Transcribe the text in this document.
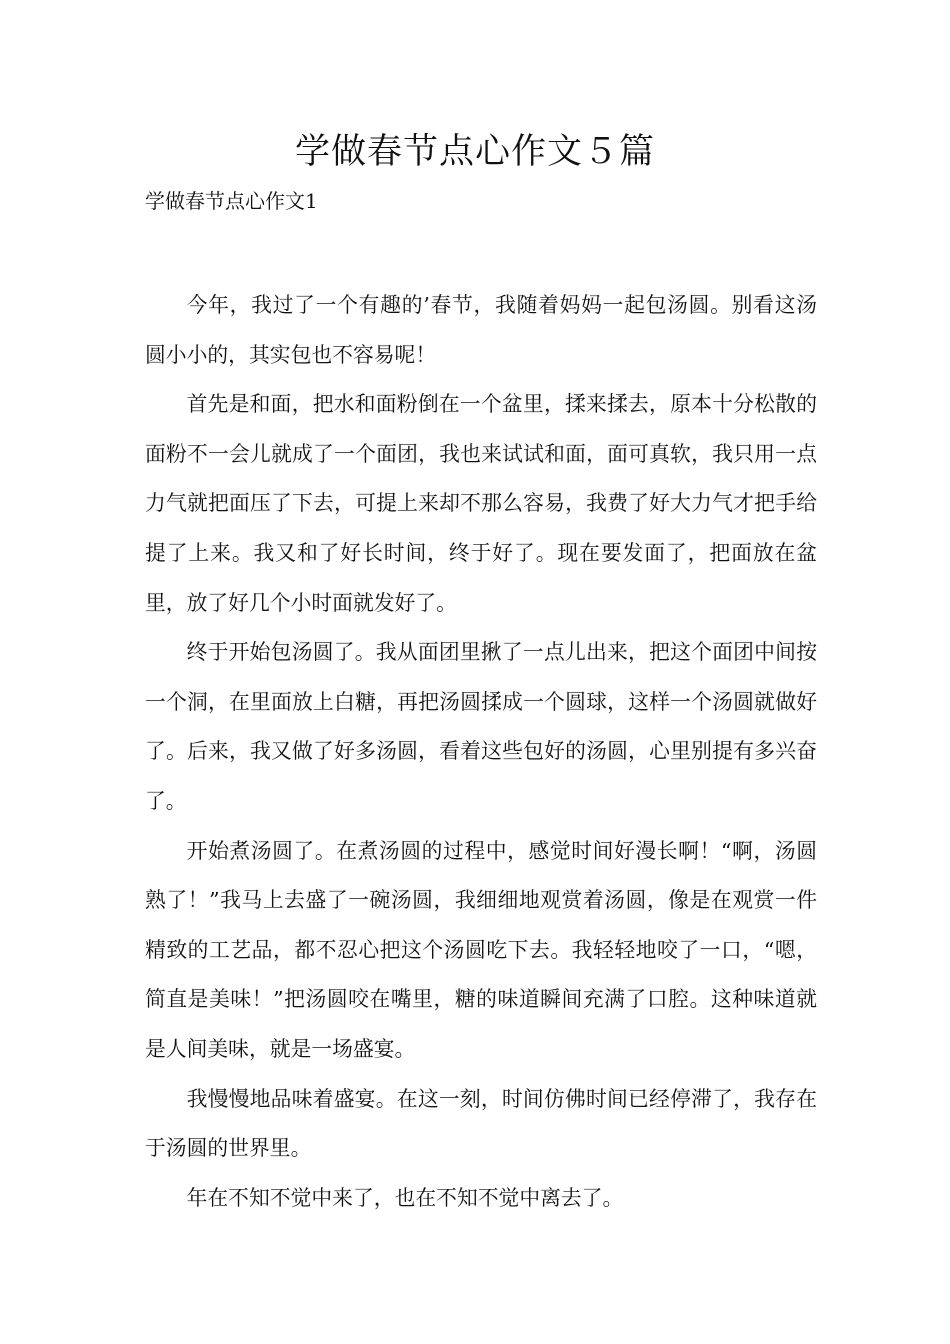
学做春节点心作文５篇
学做春节点心作文1

今年，我过了一个有趣的’春节，我随着妈妈一起包汤圆。别看这汤圆小小的，其实包也不容易呢！

首先是和面，把水和面粉倒在一个盆里，揉来揉去，原本十分松散的面粉不一会儿就成了一个面团，我也来试试和面，面可真软，我只用一点力气就把面压了下去，可提上来却不那么容易，我费了好大力气才把手给提了上来。我又和了好长时间，终于好了。现在要发面了，把面放在盆里，放了好几个小时面就发好了。

终于开始包汤圆了。我从面团里揪了一点儿出来，把这个面团中间按一个洞，在里面放上白糖，再把汤圆揉成一个圆球，这样一个汤圆就做好了。后来，我又做了好多汤圆，看着这些包好的汤圆，心里别提有多兴奋了。

开始煮汤圆了。在煮汤圆的过程中，感觉时间好漫长啊！“啊，汤圆熟了！”我马上去盛了一碗汤圆，我细细地观赏着汤圆，像是在观赏一件精致的工艺品，都不忍心把这个汤圆吃下去。我轻轻地咬了一口，“嗯，简直是美味！”把汤圆咬在嘴里，糖的味道瞬间充满了口腔。这种味道就是人间美味，就是一场盛宴。

我慢慢地品味着盛宴。在这一刻，时间仿佛时间已经停滞了，我存在于汤圆的世界里。

年在不知不觉中来了，也在不知不觉中离去了。
